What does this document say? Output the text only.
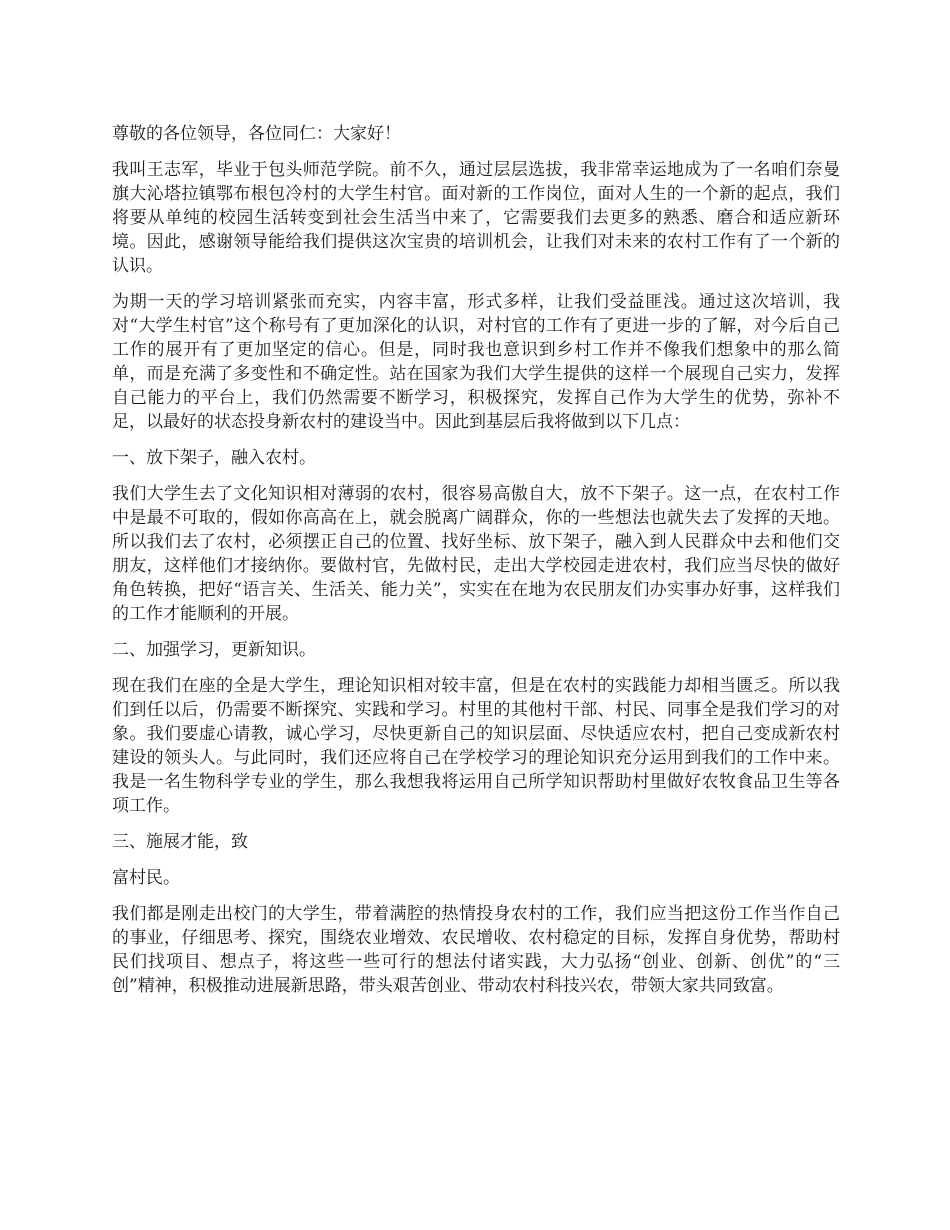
尊敬的各位领导，各位同仁：大家好！

我叫王志军，毕业于包头师范学院。前不久，通过层层选拔，我非常幸运地成为了一名咱们奈曼旗大沁塔拉镇鄂布根包冷村的大学生村官。面对新的工作岗位，面对人生的一个新的起点，我们将要从单纯的校园生活转变到社会生活当中来了，它需要我们去更多的熟悉、磨合和适应新环境。因此，感谢领导能给我们提供这次宝贵的培训机会，让我们对未来的农村工作有了一个新的认识。

为期一天的学习培训紧张而充实，内容丰富，形式多样，让我们受益匪浅。通过这次培训，我对“大学生村官”这个称号有了更加深化的认识，对村官的工作有了更进一步的了解，对今后自己工作的展开有了更加坚定的信心。但是，同时我也意识到乡村工作并不像我们想象中的那么简单，而是充满了多变性和不确定性。站在国家为我们大学生提供的这样一个展现自己实力，发挥自己能力的平台上，我们仍然需要不断学习，积极探究，发挥自己作为大学生的优势，弥补不足，以最好的状态投身新农村的建设当中。因此到基层后我将做到以下几点：

一、放下架子，融入农村。

我们大学生去了文化知识相对薄弱的农村，很容易高傲自大，放不下架子。这一点，在农村工作中是最不可取的，假如你高高在上，就会脱离广阔群众，你的一些想法也就失去了发挥的天地。所以我们去了农村，必须摆正自己的位置、找好坐标、放下架子，融入到人民群众中去和他们交朋友，这样他们才接纳你。要做村官，先做村民，走出大学校园走进农村，我们应当尽快的做好角色转换，把好“语言关、生活关、能力关”，实实在在地为农民朋友们办实事办好事，这样我们的工作才能顺利的开展。

二、加强学习，更新知识。

现在我们在座的全是大学生，理论知识相对较丰富，但是在农村的实践能力却相当匮乏。所以我们到任以后，仍需要不断探究、实践和学习。村里的其他村干部、村民、同事全是我们学习的对象。我们要虚心请教，诚心学习，尽快更新自己的知识层面、尽快适应农村，把自己变成新农村建设的领头人。与此同时，我们还应将自己在学校学习的理论知识充分运用到我们的工作中来。我是一名生物科学专业的学生，那么我想我将运用自己所学知识帮助村里做好农牧食品卫生等各项工作。

三、施展才能，致

富村民。

我们都是刚走出校门的大学生，带着满腔的热情投身农村的工作，我们应当把这份工作当作自己的事业，仔细思考、探究，围绕农业增效、农民增收、农村稳定的目标，发挥自身优势，帮助村民们找项目、想点子，将这些一些可行的想法付诸实践，大力弘扬“创业、创新、创优”的“三创”精神，积极推动进展新思路，带头艰苦创业、带动农村科技兴农，带领大家共同致富。
